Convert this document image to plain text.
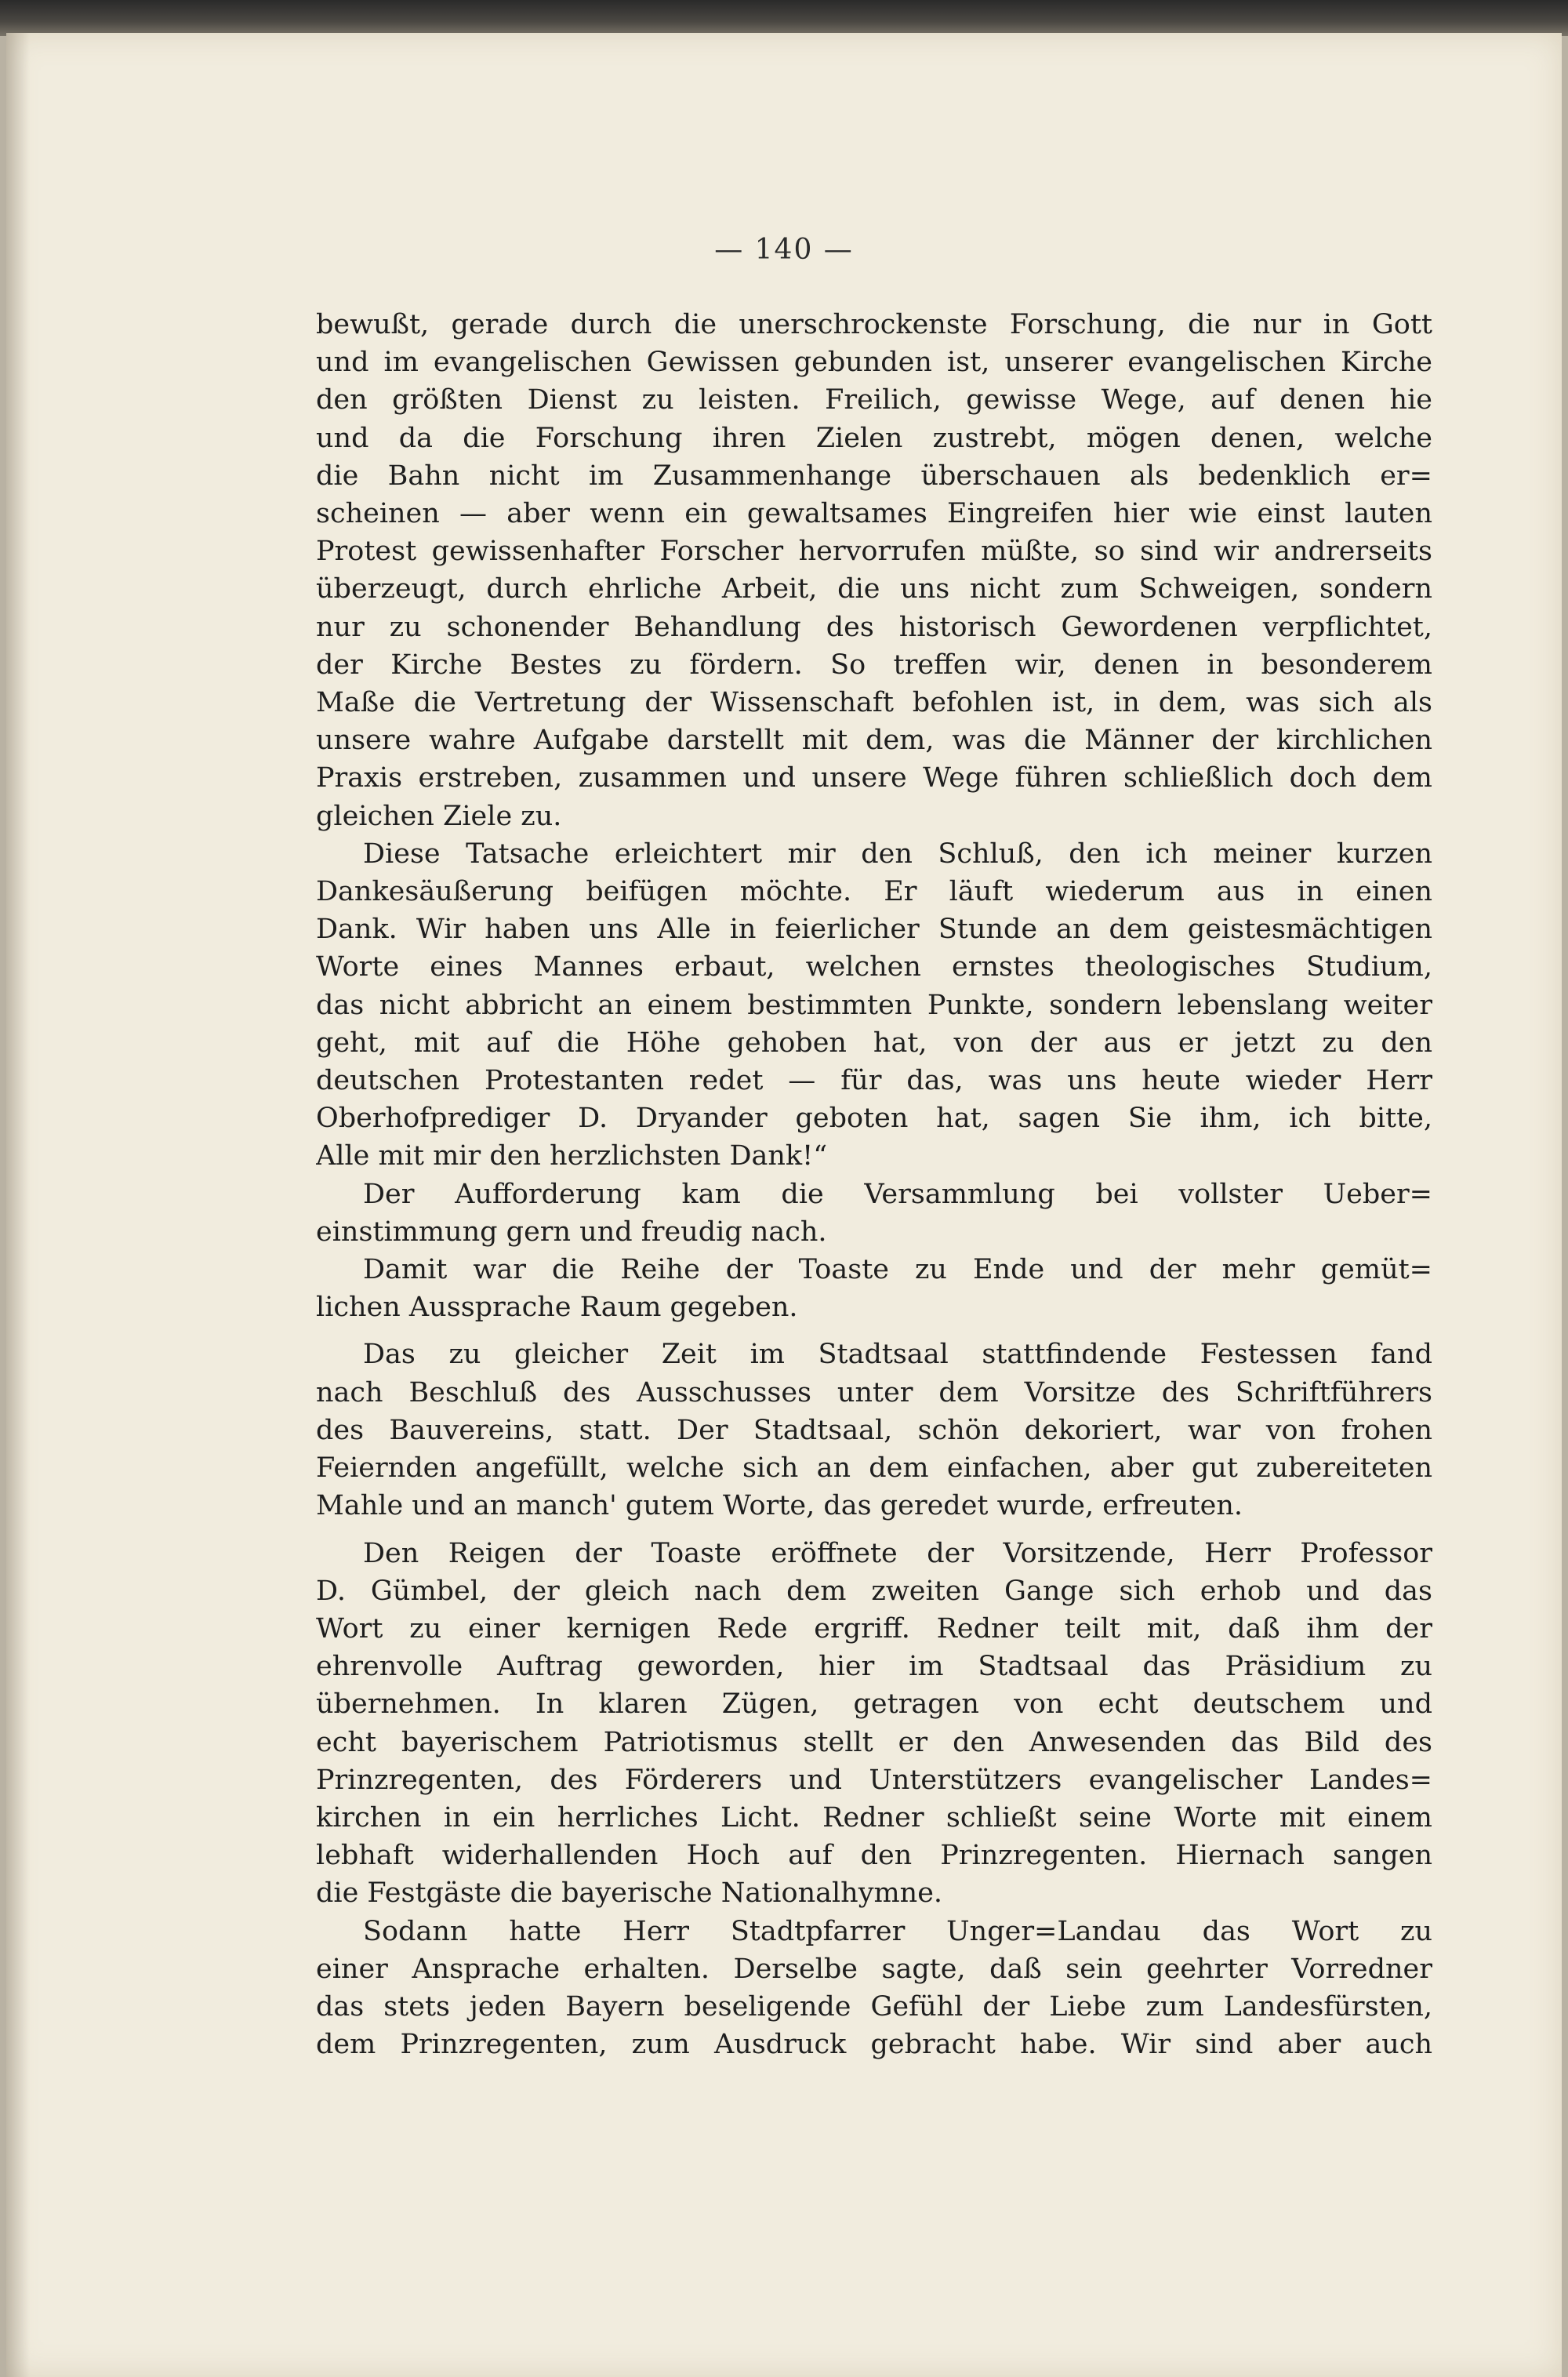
— 140 —
bewußt, gerade durch die unerschrockenste Forschung, die nur in Gott
und im evangelischen Gewissen gebunden ist, unserer evangelischen Kirche
den größten Dienst zu leisten. Freilich, gewisse Wege, auf denen hie
und da die Forschung ihren Zielen zustrebt, mögen denen, welche
die Bahn nicht im Zusammenhange überschauen als bedenklich er=
scheinen — aber wenn ein gewaltsames Eingreifen hier wie einst lauten
Protest gewissenhafter Forscher hervorrufen müßte, so sind wir andrerseits
überzeugt, durch ehrliche Arbeit, die uns nicht zum Schweigen, sondern
nur zu schonender Behandlung des historisch Gewordenen verpflichtet,
der Kirche Bestes zu fördern. So treffen wir, denen in besonderem
Maße die Vertretung der Wissenschaft befohlen ist, in dem, was sich als
unsere wahre Aufgabe darstellt mit dem, was die Männer der kirchlichen
Praxis erstreben, zusammen und unsere Wege führen schließlich doch dem
gleichen Ziele zu.
Diese Tatsache erleichtert mir den Schluß, den ich meiner kurzen
Dankesäußerung beifügen möchte. Er läuft wiederum aus in einen
Dank. Wir haben uns Alle in feierlicher Stunde an dem geistesmächtigen
Worte eines Mannes erbaut, welchen ernstes theologisches Studium,
das nicht abbricht an einem bestimmten Punkte, sondern lebenslang weiter
geht, mit auf die Höhe gehoben hat, von der aus er jetzt zu den
deutschen Protestanten redet — für das, was uns heute wieder Herr
Oberhofprediger D. Dryander geboten hat, sagen Sie ihm, ich bitte,
Alle mit mir den herzlichsten Dank!“
Der Aufforderung kam die Versammlung bei vollster Ueber=
einstimmung gern und freudig nach.
Damit war die Reihe der Toaste zu Ende und der mehr gemüt=
lichen Aussprache Raum gegeben.
Das zu gleicher Zeit im Stadtsaal stattfindende Festessen fand
nach Beschluß des Ausschusses unter dem Vorsitze des Schriftführers
des Bauvereins, statt. Der Stadtsaal, schön dekoriert, war von frohen
Feiernden angefüllt, welche sich an dem einfachen, aber gut zubereiteten
Mahle und an manch' gutem Worte, das geredet wurde, erfreuten.
Den Reigen der Toaste eröffnete der Vorsitzende, Herr Professor
D. Gümbel, der gleich nach dem zweiten Gange sich erhob und das
Wort zu einer kernigen Rede ergriff. Redner teilt mit, daß ihm der
ehrenvolle Auftrag geworden, hier im Stadtsaal das Präsidium zu
übernehmen. In klaren Zügen, getragen von echt deutschem und
echt bayerischem Patriotismus stellt er den Anwesenden das Bild des
Prinzregenten, des Förderers und Unterstützers evangelischer Landes=
kirchen in ein herrliches Licht. Redner schließt seine Worte mit einem
lebhaft widerhallenden Hoch auf den Prinzregenten. Hiernach sangen
die Festgäste die bayerische Nationalhymne.
Sodann hatte Herr Stadtpfarrer Unger=Landau das Wort zu
einer Ansprache erhalten. Derselbe sagte, daß sein geehrter Vorredner
das stets jeden Bayern beseligende Gefühl der Liebe zum Landesfürsten,
dem Prinzregenten, zum Ausdruck gebracht habe. Wir sind aber auch
